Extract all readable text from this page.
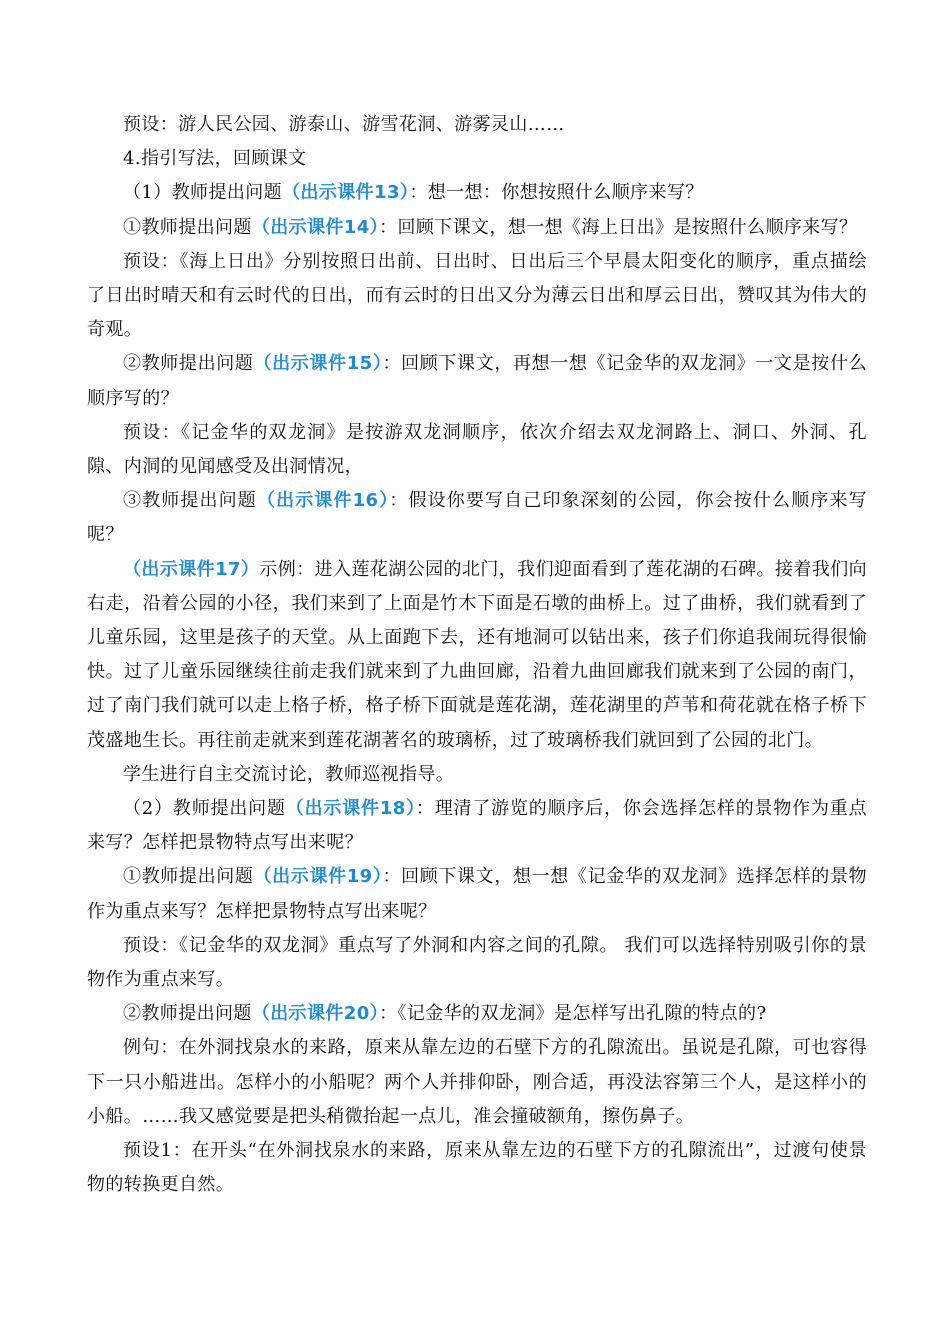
预设：游人民公园、游泰山、游雪花洞、游雾灵山……

4.指引写法，回顾课文

（1）教师提出问题（出示课件13）：想一想：你想按照什么顺序来写？

①教师提出问题（出示课件14）：回顾下课文，想一想《海上日出》是按照什么顺序来写？

预设：《海上日出》分别按照日出前、日出时、日出后三个早晨太阳变化的顺序，重点描绘了日出时晴天和有云时代的日出，而有云时的日出又分为薄云日出和厚云日出，赞叹其为伟大的奇观。

②教师提出问题（出示课件15）：回顾下课文，再想一想《记金华的双龙洞》一文是按什么顺序写的？

预设：《记金华的双龙洞》是按游双龙洞顺序，依次介绍去双龙洞路上、洞口、外洞、孔隙、内洞的见闻感受及出洞情况，

③教师提出问题（出示课件16）：假设你要写自己印象深刻的公园，你会按什么顺序来写呢？

（出示课件17）示例：进入莲花湖公园的北门，我们迎面看到了莲花湖的石碑。接着我们向右走，沿着公园的小径，我们来到了上面是竹木下面是石墩的曲桥上。过了曲桥，我们就看到了儿童乐园，这里是孩子的天堂。从上面跑下去，还有地洞可以钻出来，孩子们你追我闹玩得很愉快。过了儿童乐园继续往前走我们就来到了九曲回廊，沿着九曲回廊我们就来到了公园的南门，过了南门我们就可以走上格子桥，格子桥下面就是莲花湖，莲花湖里的芦苇和荷花就在格子桥下茂盛地生长。再往前走就来到莲花湖著名的玻璃桥，过了玻璃桥我们就回到了公园的北门。

学生进行自主交流讨论，教师巡视指导。

（2）教师提出问题（出示课件18）：理清了游览的顺序后，你会选择怎样的景物作为重点来写？怎样把景物特点写出来呢？

①教师提出问题（出示课件19）：回顾下课文，想一想《记金华的双龙洞》选择怎样的景物作为重点来写？怎样把景物特点写出来呢？

预设：《记金华的双龙洞》重点写了外洞和内容之间的孔隙。 我们可以选择特别吸引你的景物作为重点来写。

②教师提出问题（出示课件20）：《记金华的双龙洞》是怎样写出孔隙的特点的?

例句：在外洞找泉水的来路，原来从靠左边的石壁下方的孔隙流出。虽说是孔隙，可也容得下一只小船进出。怎样小的小船呢？两个人并排仰卧，刚合适，再没法容第三个人，是这样小的小船。……我又感觉要是把头稍微抬起一点儿，准会撞破额角，擦伤鼻子。

预设1：在开头“在外洞找泉水的来路，原来从靠左边的石壁下方的孔隙流出”，过渡句使景物的转换更自然。
